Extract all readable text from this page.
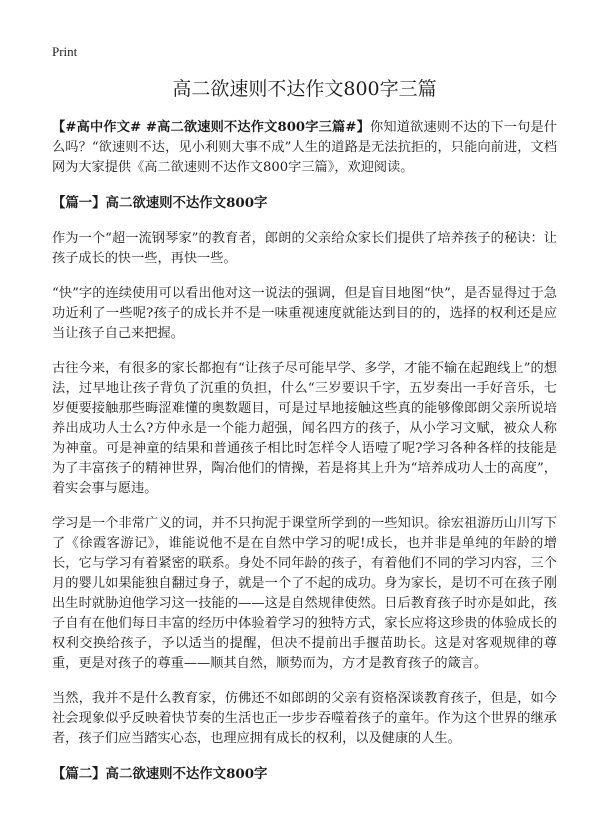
Print
高二欲速则不达作文800字三篇

【#高中作文# #高二欲速则不达作文800字三篇#】你知道欲速则不达的下一句是什么吗？“欲速则不达，见小利则大事不成”人生的道路是无法抗拒的，只能向前进，文档网为大家提供《高二欲速则不达作文800字三篇》，欢迎阅读。

【篇一】高二欲速则不达作文800字

作为一个“超一流钢琴家”的教育者，郎朗的父亲给众家长们提供了培养孩子的秘诀：让孩子成长的快一些，再快一些。

“快”字的连续使用可以看出他对这一说法的强调，但是盲目地图“快”，是否显得过于急功近利了一些呢?孩子的成长并不是一味重视速度就能达到目的的，选择的权利还是应当让孩子自己来把握。

古往今来，有很多的家长都抱有“让孩子尽可能早学、多学，才能不输在起跑线上”的想法，过早地让孩子背负了沉重的负担，什么“三岁要识千字，五岁奏出一手好音乐，七岁便要接触那些晦涩难懂的奥数题目，可是过早地接触这些真的能够像郎朗父亲所说培养出成功人士么?方仲永是一个能力超强，闻名四方的孩子，从小学习文赋，被众人称为神童。可是神童的结果和普通孩子相比时怎样令人语噎了呢?学习各种各样的技能是为了丰富孩子的精神世界，陶冶他们的情操，若是将其上升为“培养成功人士的高度”，着实会事与愿违。

学习是一个非常广义的词，并不只拘泥于课堂所学到的一些知识。徐宏祖游历山川写下了《徐霞客游记》，谁能说他不是在自然中学习的呢!成长，也并非是单纯的年龄的增长，它与学习有着紧密的联系。身处不同年龄的孩子，有着他们不同的学习内容，三个月的婴儿如果能独自翻过身子，就是一个了不起的成功。身为家长，是切不可在孩子刚出生时就胁迫他学习这一技能的——这是自然规律使然。日后教育孩子时亦是如此，孩子自有在他们每日丰富的经历中体验着学习的独特方式，家长应将这珍贵的体验成长的权利交换给孩子，予以适当的提醒，但决不提前出手揠苗助长。这是对客观规律的尊重，更是对孩子的尊重——顺其自然，顺势而为，方才是教育孩子的箴言。

当然，我并不是什么教育家，仿佛还不如郎朗的父亲有资格深谈教育孩子，但是，如今社会现象似乎反映着快节奏的生活也正一步步吞噬着孩子的童年。作为这个世界的继承者，孩子们应当踏实心态，也理应拥有成长的权利，以及健康的人生。

【篇二】高二欲速则不达作文800字
